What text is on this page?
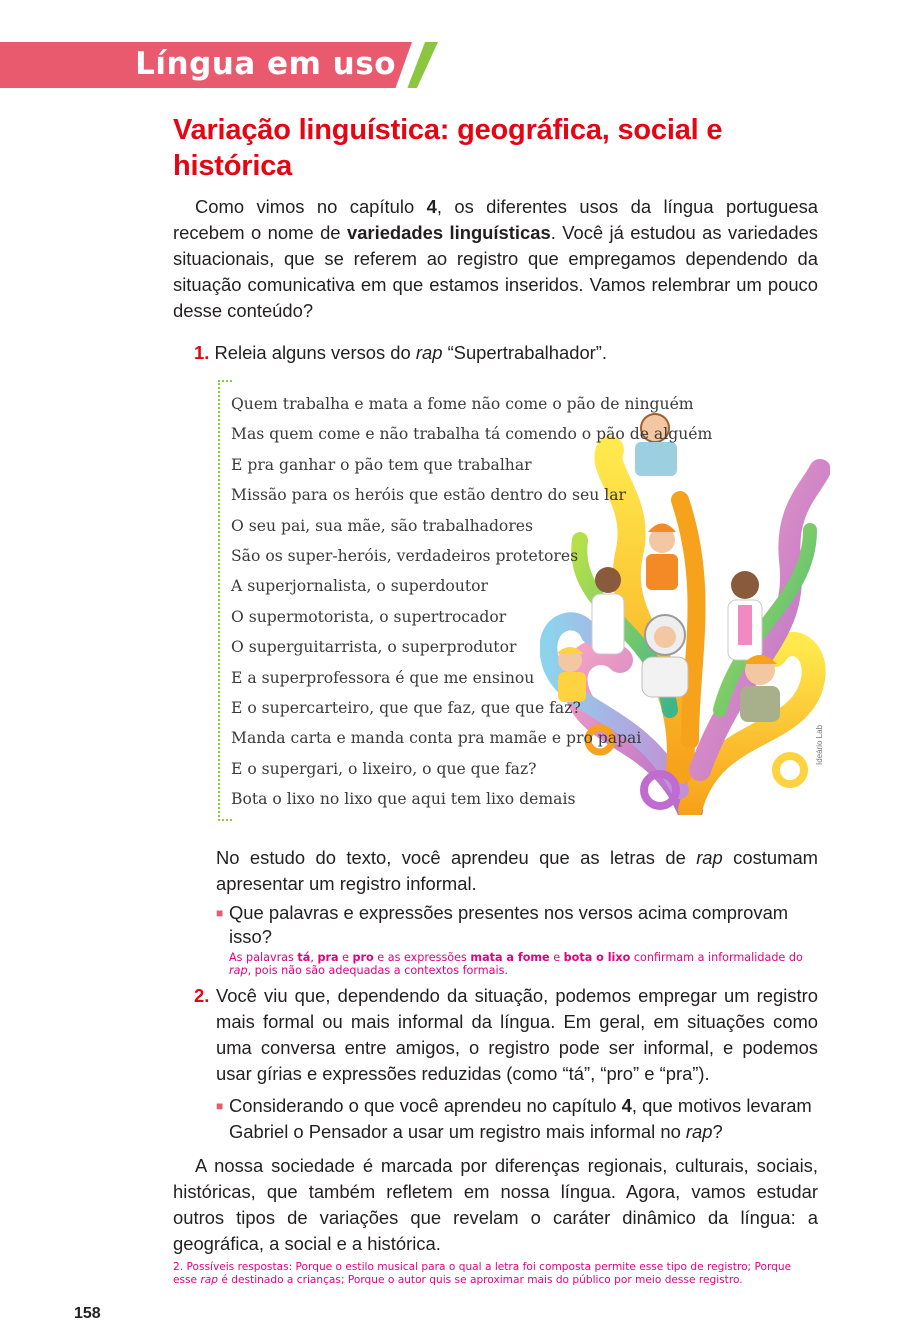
Língua em uso
Variação linguística: geográfica, social e histórica

Como vimos no capítulo 4, os diferentes usos da língua portuguesa recebem o nome de variedades linguísticas. Você já estudou as variedades situacionais, que se referem ao registro que empregamos dependendo da situação comunicativa em que estamos inseridos. Vamos relembrar um pouco desse conteúdo?

1. Releia alguns versos do rap “Supertrabalhador”.
Ideário Lab
Quem trabalha e mata a fome não come o pão de ninguém
Mas quem come e não trabalha tá comendo o pão de alguém
E pra ganhar o pão tem que trabalhar
Missão para os heróis que estão dentro do seu lar
O seu pai, sua mãe, são trabalhadores
São os super-heróis, verdadeiros protetores
A superjornalista, o superdoutor
O supermotorista, o supertrocador
O superguitarrista, o superprodutor
E a superprofessora é que me ensinou
E o supercarteiro, que que faz, que que faz?
Manda carta e manda conta pra mamãe e pro papai
E o supergari, o lixeiro, o que que faz?
Bota o lixo no lixo que aqui tem lixo demais

No estudo do texto, você aprendeu que as letras de rap costumam apresentar um registro informal.

■ Que palavras e expressões presentes nos versos acima comprovam isso?
As palavras tá, pra e pro e as expressões mata a fome e bota o lixo confirmam a informalidade do rap, pois não são adequadas a contextos formais.
2. Você viu que, dependendo da situação, podemos empregar um registro mais formal ou mais informal da língua. Em geral, em situações como uma conversa entre amigos, o registro pode ser informal, e podemos usar gírias e expressões reduzidas (como “tá”, “pro” e “pra”).
■ Considerando o que você aprendeu no capítulo 4, que motivos levaram Gabriel o Pensador a usar um registro mais informal no rap?

A nossa sociedade é marcada por diferenças regionais, culturais, sociais, históricas, que também refletem em nossa língua. Agora, vamos estudar outros tipos de variações que revelam o caráter dinâmico da língua: a geográfica, a social e a histórica.

2. Possíveis respostas: Porque o estilo musical para o qual a letra foi composta permite esse tipo de registro; Porque esse rap é destinado a crianças; Porque o autor quis se aproximar mais do público por meio desse registro.
158
